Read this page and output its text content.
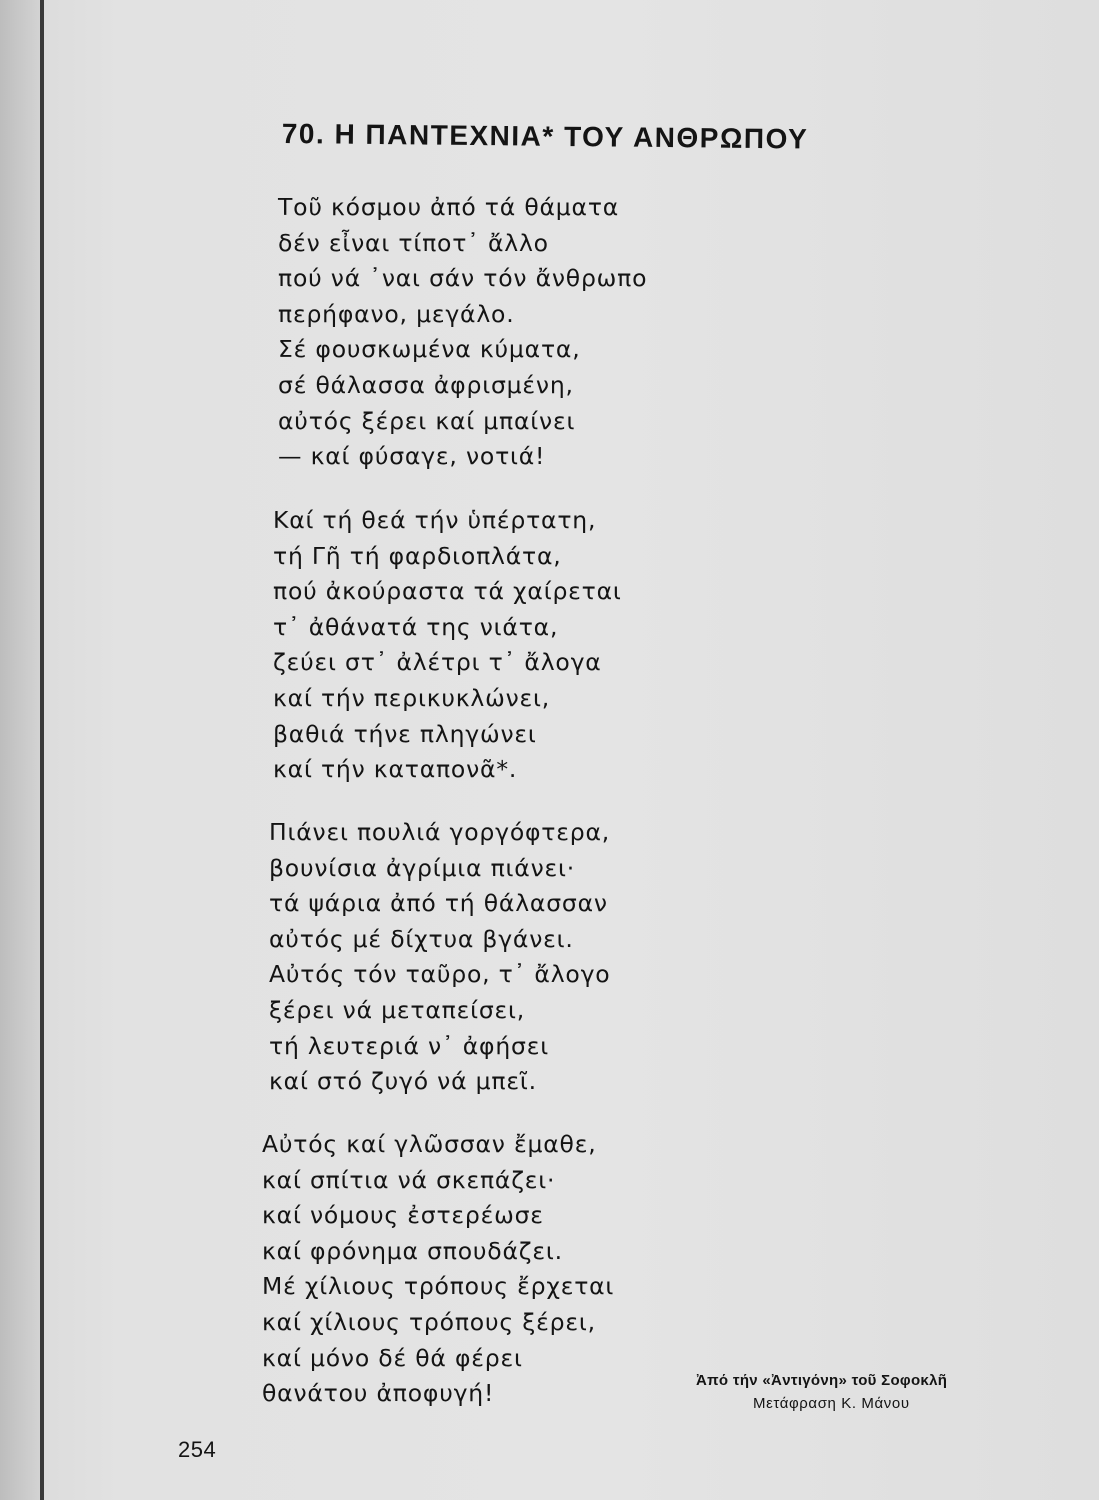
70. Η ΠΑΝΤΕΧΝΙΑ* ΤΟΥ ΑΝΘΡΩΠΟΥ
Τοῦ κόσμου ἀπό τά θάματα
δέν εἶναι τίποτ᾿ ἄλλο
πού νά ᾿ναι σάν τόν ἄνθρωπο
περήφανο, μεγάλο.
Σέ φουσκωμένα κύματα,
σέ θάλασσα ἀφρισμένη,
αὐτός ξέρει καί μπαίνει
— καί φύσαγε, νοτιά!
Καί τή θεά τήν ὑπέρτατη,
τή Γῆ τή φαρδιοπλάτα,
πού ἀκούραστα τά χαίρεται
τ᾿ ἀθάνατά της νιάτα,
ζεύει στ᾿ ἀλέτρι τ᾿ ἄλογα
καί τήν περικυκλώνει,
βαθιά τήνε πληγώνει
καί τήν καταπονᾶ*.
Πιάνει πουλιά γοργόφτερα,
βουνίσια ἀγρίμια πιάνει·
τά ψάρια ἀπό τή θάλασσαν
αὐτός μέ δίχτυα βγάνει.
Αὐτός τόν ταῦρο, τ᾿ ἄλογο
ξέρει νά μεταπείσει,
τή λευτεριά ν᾿ ἀφήσει
καί στό ζυγό νά μπεῖ.
Αὐτός καί γλῶσσαν ἔμαθε,
καί σπίτια νά σκεπάζει·
καί νόμους ἐστερέωσε
καί φρόνημα σπουδάζει.
Μέ χίλιους τρόπους ἔρχεται
καί χίλιους τρόπους ξέρει,
καί μόνο δέ θά φέρει
θανάτου ἀποφυγή!	Ἀπό τήν «Ἀντιγόνη» τοῦ Σοφοκλῆ
Μετάφραση Κ. Μάνου
254
